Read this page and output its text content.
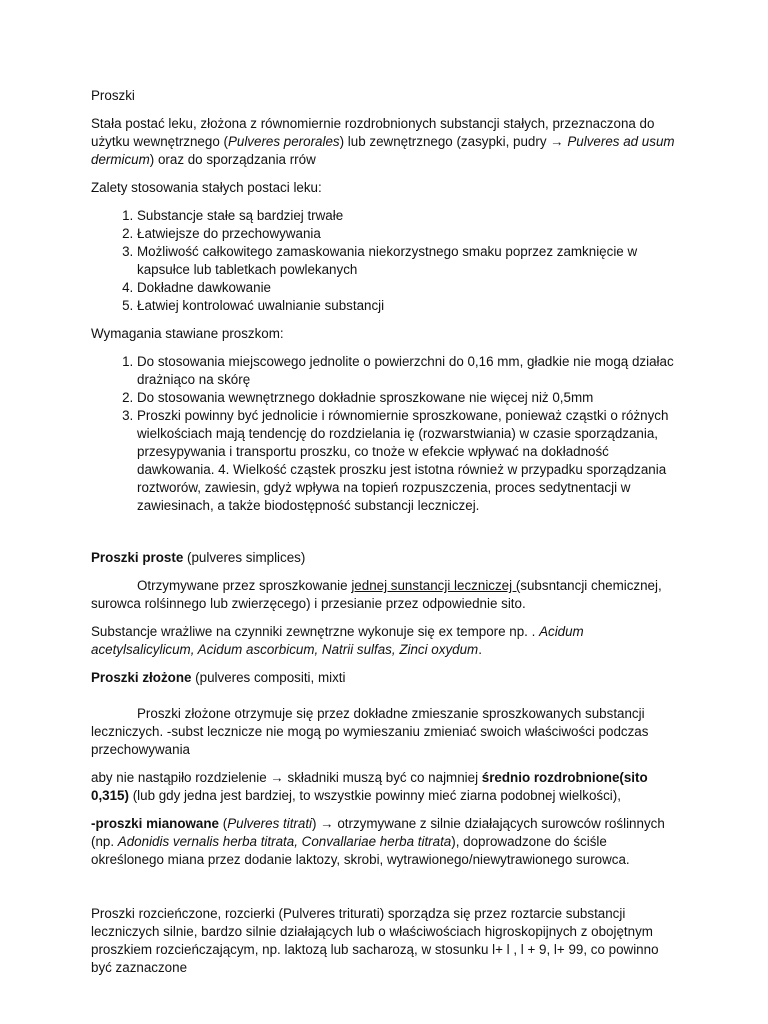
Proszki

Stała postać leku, złożona z równomiernie rozdrobnionych substancji stałych, przeznaczona do użytku wewnętrznego (Pulveres perorales) lub zewnętrznego (zasypki, pudry → Pulveres ad usum dermicum) oraz do sporządzania rrów

Zalety stosowania stałych postaci leku:

1. Substancje stałe są bardziej trwałe
2. Łatwiejsze do przechowywania
3. Możliwość całkowitego zamaskowania niekorzystnego smaku poprzez zamknięcie w kapsułce lub tabletkach powlekanych
4. Dokładne dawkowanie
5. Łatwiej kontrolować uwalnianie substancji

Wymagania stawiane proszkom:

1. Do stosowania miejscowego jednolite o powierzchni do 0,16 mm, gładkie nie mogą działac drażniąco na skórę
2. Do stosowania wewnętrznego dokładnie sproszkowane nie więcej niż 0,5mm
3. Proszki powinny być jednolicie i równomiernie sproszkowane, ponieważ cząstki o różnych wielkościach mają tendencję do rozdzielania ię (rozwarstwiania) w czasie sporządzania, przesypywania i transportu proszku, co tnoże w efekcie wpływać na dokładność dawkowania. 4. Wielkość cząstek proszku jest istotna również w przypadku sporządzania roztworów, zawiesin, gdyż wpływa na topień rozpuszczenia, proces sedytnentacji w zawiesinach, a także biodostępność substancji leczniczej.

Proszki proste (pulveres simplices)

Otrzymywane przez sproszkowanie jednej sunstancji leczniczej (subsntancji chemicznej, surowca rolśinnego lub zwierzęcego) i przesianie przez odpowiednie sito.

Substancje wrażliwe na czynniki zewnętrzne wykonuje się ex tempore np. . Acidum acetylsalicylicum, Acidum ascorbicum, Natrii sulfas, Zinci oxydum.

Proszki złożone (pulveres compositi, mixti

Proszki złożone otrzymuje się przez dokładne zmieszanie sproszkowanych substancji leczniczych. -subst lecznicze nie mogą po wymieszaniu zmieniać swoich właściwości podczas przechowywania

aby nie nastąpiło rozdzielenie → składniki muszą być co najmniej średnio rozdrobnione(sito 0,315) (lub gdy jedna jest bardziej, to wszystkie powinny mieć ziarna podobnej wielkości),

-proszki mianowane (Pulveres titrati) → otrzymywane z silnie działających surowców roślinnych (np. Adonidis vernalis herba titrata, Convallariae herba titrata), doprowadzone do ściśle określonego miana przez dodanie laktozy, skrobi, wytrawionego/niewytrawionego surowca.

Proszki rozcieńczone, rozcierki (Pulveres triturati) sporządza się przez roztarcie substancji leczniczych silnie, bardzo silnie działających lub o właściwościach higroskopijnych z obojętnym proszkiem rozcieńczającym, np. laktozą lub sacharozą, w stosunku l+ l , l + 9, l+ 99, co powinno być zaznaczone
